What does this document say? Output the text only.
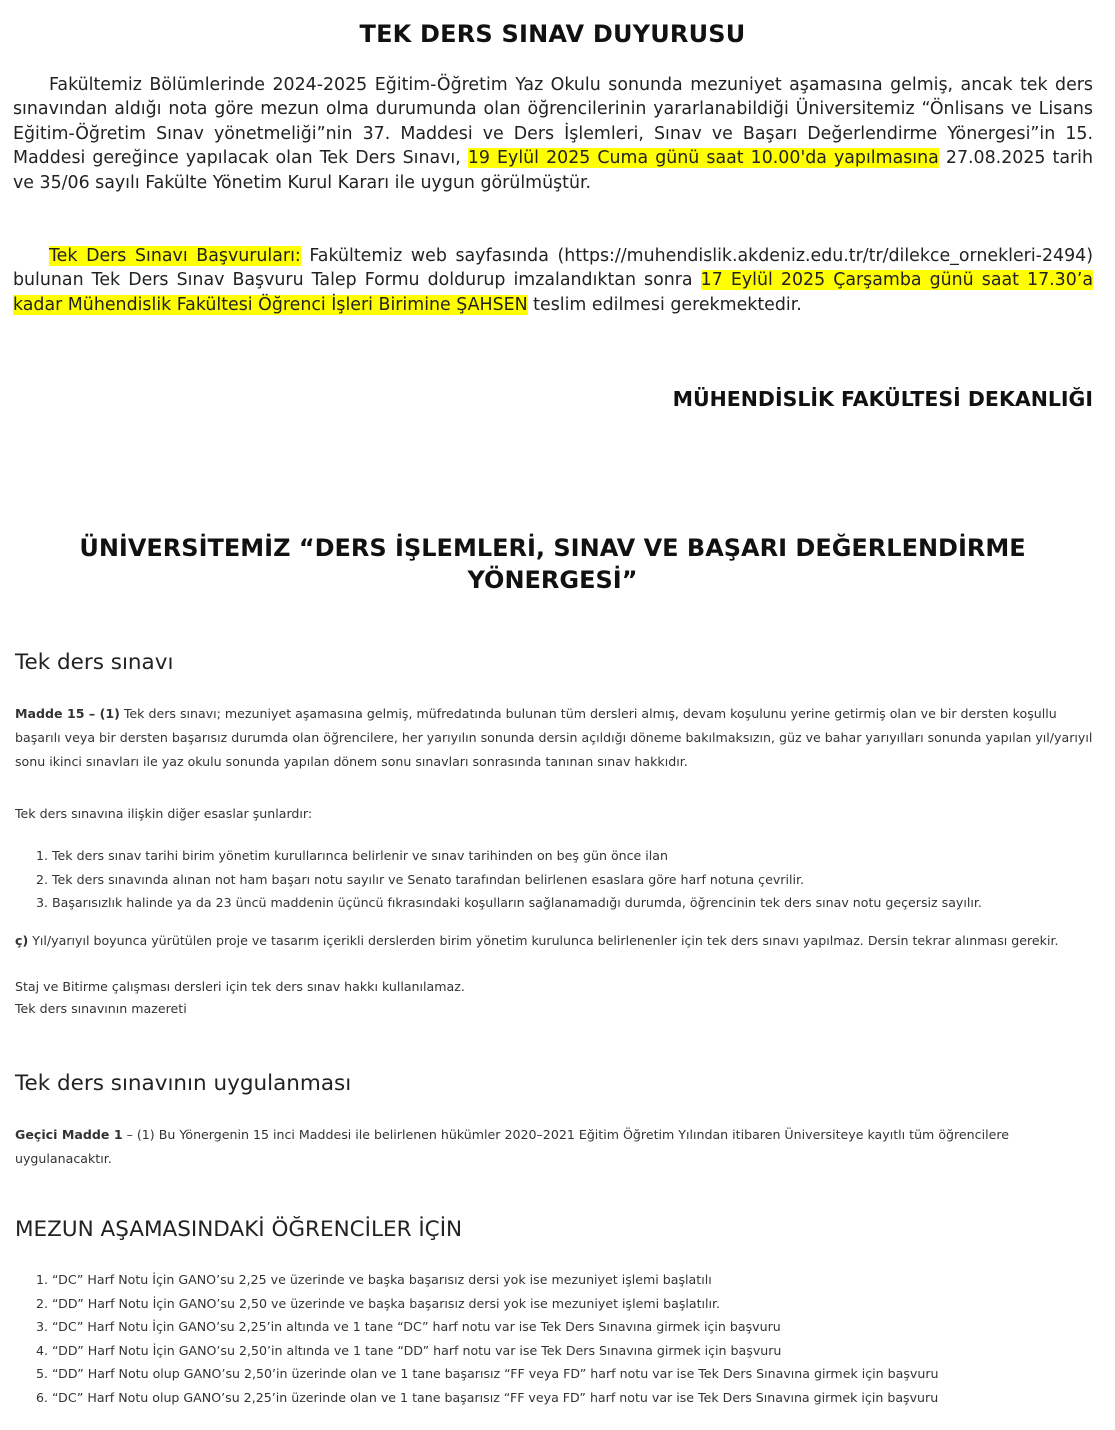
TEK DERS SINAV DUYURUSU
Fakültemiz Bölümlerinde 2024-2025 Eğitim-Öğretim Yaz Okulu sonunda mezuniyet aşamasına gelmiş, ancak tek ders sınavından aldığı nota göre mezun olma durumunda olan öğrencilerinin yararlanabildiği Üniversitemiz “Önlisans ve Lisans Eğitim-Öğretim Sınav yönetmeliği”nin 37. Maddesi ve Ders İşlemleri, Sınav ve Başarı Değerlendirme Yönergesi”in 15. Maddesi gereğince yapılacak olan Tek Ders Sınavı, 19 Eylül 2025 Cuma günü saat 10.00'da yapılmasına 27.08.2025 tarih ve 35/06 sayılı Fakülte Yönetim Kurul Kararı ile uygun görülmüştür.
Tek Ders Sınavı Başvuruları: Fakültemiz web sayfasında (https://muhendislik.akdeniz.edu.tr/tr/dilekce_ornekleri-2494) bulunan Tek Ders Sınav Başvuru Talep Formu doldurup imzalandıktan sonra 17 Eylül 2025 Çarşamba günü saat 17.30’a kadar Mühendislik Fakültesi Öğrenci İşleri Birimine ŞAHSEN teslim edilmesi gerekmektedir.
MÜHENDİSLİK FAKÜLTESİ DEKANLIĞI
ÜNİVERSİTEMİZ “DERS İŞLEMLERİ, SINAV VE BAŞARI DEĞERLENDİRME
YÖNERGESİ”
Tek ders sınavı
Madde 15 – (1) Tek ders sınavı; mezuniyet aşamasına gelmiş, müfredatında bulunan tüm dersleri almış, devam koşulunu yerine getirmiş olan ve bir dersten koşullu başarılı veya bir dersten başarısız durumda olan öğrencilere, her yarıyılın sonunda dersin açıldığı döneme bakılmaksızın, güz ve bahar yarıyılları sonunda yapılan yıl/yarıyıl sonu ikinci sınavları ile yaz okulu sonunda yapılan dönem sonu sınavları sonrasında tanınan sınav hakkıdır.
Tek ders sınavına ilişkin diğer esaslar şunlardır:
1. Tek ders sınav tarihi birim yönetim kurullarınca belirlenir ve sınav tarihinden on beş gün önce ilan
2. Tek ders sınavında alınan not ham başarı notu sayılır ve Senato tarafından belirlenen esaslara göre harf notuna çevrilir.
3. Başarısızlık halinde ya da 23 üncü maddenin üçüncü fıkrasındaki koşulların sağlanamadığı durumda, öğrencinin tek ders sınav notu geçersiz sayılır.
ç) Yıl/yarıyıl boyunca yürütülen proje ve tasarım içerikli derslerden birim yönetim kurulunca belirlenenler için tek ders sınavı yapılmaz. Dersin tekrar alınması gerekir.
Staj ve Bitirme çalışması dersleri için tek ders sınav hakkı kullanılamaz.
Tek ders sınavının mazereti
Tek ders sınavının uygulanması
Geçici Madde 1 – (1) Bu Yönergenin 15 inci Maddesi ile belirlenen hükümler 2020–2021 Eğitim Öğretim Yılından itibaren Üniversiteye kayıtlı tüm öğrencilere uygulanacaktır.
MEZUN AŞAMASINDAKİ ÖĞRENCİLER İÇİN
1. “DC” Harf Notu İçin GANO’su 2,25 ve üzerinde ve başka başarısız dersi yok ise mezuniyet işlemi başlatılı
2. “DD” Harf Notu İçin GANO’su 2,50 ve üzerinde ve başka başarısız dersi yok ise mezuniyet işlemi başlatılır.
3. “DC” Harf Notu İçin GANO’su 2,25’in altında ve 1 tane “DC” harf notu var ise Tek Ders Sınavına girmek için başvuru
4. “DD” Harf Notu İçin GANO’su 2,50’in altında ve 1 tane “DD” harf notu var ise Tek Ders Sınavına girmek için başvuru
5. “DD” Harf Notu olup GANO’su 2,50’in üzerinde olan ve 1 tane başarısız “FF veya FD” harf notu var ise Tek Ders Sınavına girmek için başvuru
6. “DC” Harf Notu olup GANO’su 2,25’in üzerinde olan ve 1 tane başarısız “FF veya FD” harf notu var ise Tek Ders Sınavına girmek için başvuru
